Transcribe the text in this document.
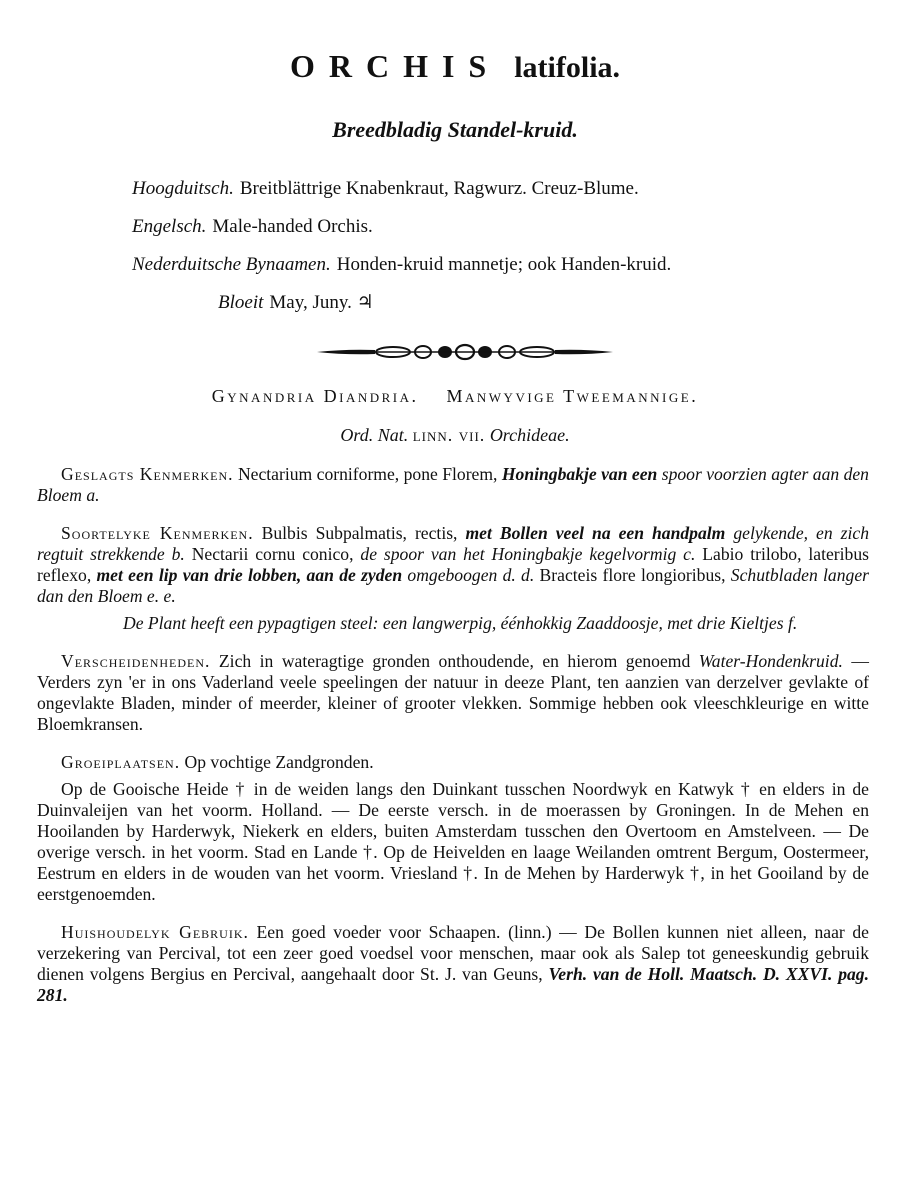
ORCHIS latifolia.
Breedbladig Standel-kruid.
Hoogduitsch. Breitblättrige Knabenkraut, Ragwurz. Creuz-Blume.
Engelsch. Male-handed Orchis.
Nederduitsche Bynaamen. Honden-kruid mannetje; ook Handen-kruid.
Bloeit May, Juny. ♃
Gynandria Diandria. Manwyvige Tweemannige.
Ord. Nat. linn. vii. Orchideae.

Geslagts Kenmerken. Nectarium corniforme, pone Florem, Honingbakje van een spoor voorzien agter aan den Bloem a.

Soortelyke Kenmerken. Bulbis Subpalmatis, rectis, met Bollen veel na een handpalm gelykende, en zich regtuit strekkende b. Nectarii cornu conico, de spoor van het Honingbakje kegelvormig c. Labio trilobo, lateribus reflexo, met een lip van drie lobben, aan de zyden omgeboogen d. d. Bracteis flore longioribus, Schutbladen langer dan den Bloem e. e.

De Plant heeft een pypagtigen steel: een langwerpig, éénhokkig Zaaddoosje, met drie Kieltjes f.

Verscheidenheden. Zich in wateragtige gronden onthoudende, en hierom genoemd Water-Hondenkruid. — Verders zyn 'er in ons Vaderland veele speelingen der natuur in deeze Plant, ten aanzien van derzelver gevlakte of ongevlakte Bladen, minder of meerder, kleiner of grooter vlekken. Sommige hebben ook vleeschkleurige en witte Bloemkransen.

Groeiplaatsen. Op vochtige Zandgronden.

Op de Gooische Heide † in de weiden langs den Duinkant tusschen Noordwyk en Katwyk † en elders in de Duinvaleijen van het voorm. Holland. — De eerste versch. in de moerassen by Groningen. In de Mehen en Hooilanden by Harderwyk, Niekerk en elders, buiten Amsterdam tusschen den Overtoom en Amstelveen. — De overige versch. in het voorm. Stad en Lande †. Op de Heivelden en laage Weilanden omtrent Bergum, Oostermeer, Eestrum en elders in de wouden van het voorm. Vriesland †. In de Mehen by Harderwyk †, in het Gooiland by de eerstgenoemden.

Huishoudelyk Gebruik. Een goed voeder voor Schaapen. (linn.) — De Bollen kunnen niet alleen, naar de verzekering van Percival, tot een zeer goed voedsel voor menschen, maar ook als Salep tot geneeskundig gebruik dienen volgens Bergius en Percival, aangehaalt door St. J. van Geuns, Verh. van de Holl. Maatsch. D. XXVI. pag. 281.
